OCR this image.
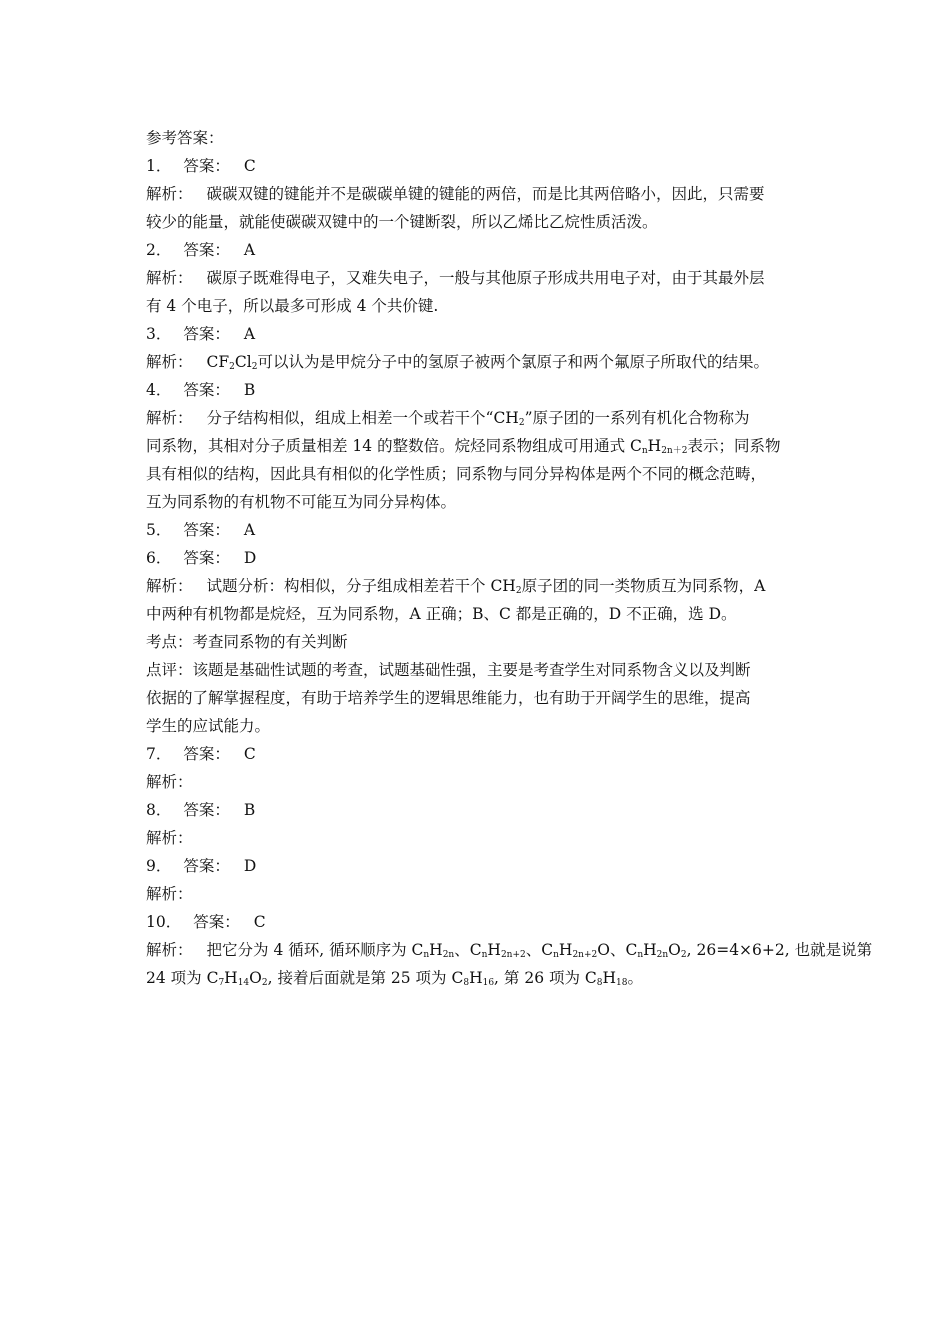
参考答案：
1． 答案： C
解析： 碳碳双键的键能并不是碳碳单键的键能的两倍，而是比其两倍略小，因此，只需要
较少的能量，就能使碳碳双键中的一个键断裂，所以乙烯比乙烷性质活泼。
2． 答案： A
解析： 碳原子既难得电子，又难失电子，一般与其他原子形成共用电子对，由于其最外层
有 4 个电子，所以最多可形成 4 个共价键.
3． 答案： A
解析： $CF_2Cl_2$可以认为是甲烷分子中的氢原子被两个氯原子和两个氟原子所取代的结果。
4． 答案： B
解析： 分子结构相似，组成上相差一个或若干个“$CH_2$”原子团的一系列有机化合物称为
同系物，其相对分子质量相差 14 的整数倍。烷烃同系物组成可用通式 $C_nH_{2n+2}$表示；同系物
具有相似的结构，因此具有相似的化学性质；同系物与同分异构体是两个不同的概念范畴，
互为同系物的有机物不可能互为同分异构体。
5． 答案： A
6． 答案： D
解析： 试题分析：构相似，分子组成相差若干个 $CH_2$原子团的同一类物质互为同系物，A
中两种有机物都是烷烃，互为同系物，A 正确；B、C 都是正确的，D 不正确，选 D。
考点：考查同系物的有关判断
点评：该题是基础性试题的考查，试题基础性强，主要是考查学生对同系物含义以及判断
依据的了解掌握程度，有助于培养学生的逻辑思维能力，也有助于开阔学生的思维，提高
学生的应试能力。
7． 答案： C
解析：
8． 答案： B
解析：
9． 答案： D
解析：
10． 答案： C
解析： 把它分为 4 循环, 循环顺序为 $C_nH_{2n}$、$C_nH_{2n+2}$、$C_nH_{2n+2}O$、$C_nH_{2n}O_2$, 26=4×6+2, 也就是说第
24 项为 $C_7H_{14}O_2$, 接着后面就是第 25 项为 $C_8H_{16}$, 第 26 项为 $C_8H_{18}$。
